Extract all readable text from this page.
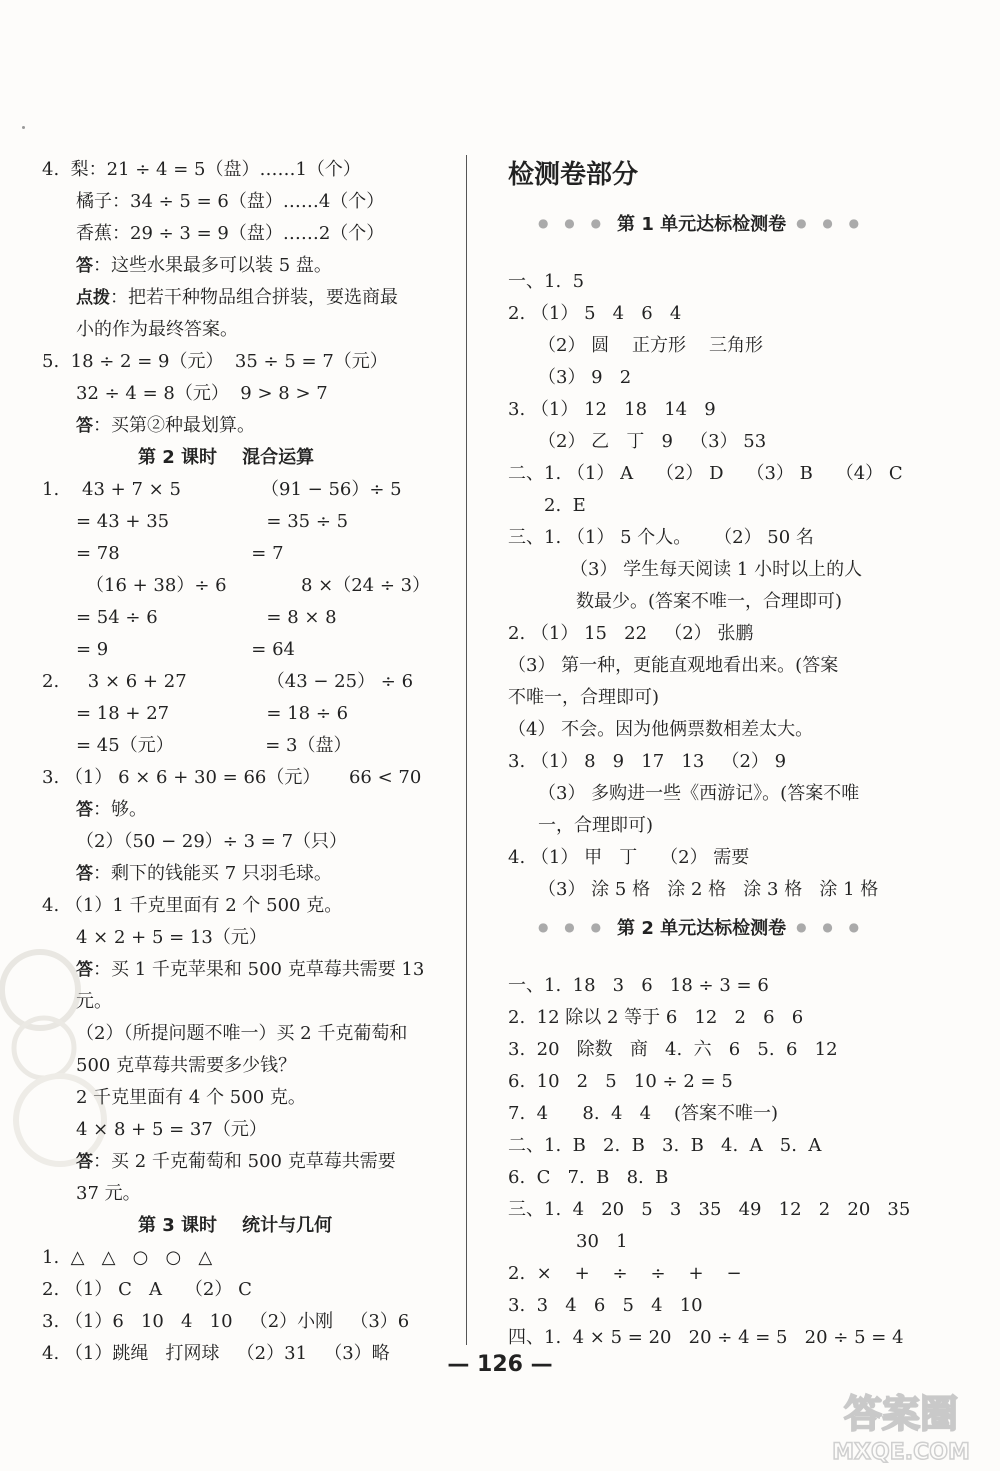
4.  梨：21 ÷ 4 = 5（盘）……1（个）
橘子：34 ÷ 5 = 6（盘）……4（个）
香蕉：29 ÷ 3 = 9（盘）……2（个）
答：这些水果最多可以装 5 盘。
点拨：把若干种物品组合拼装，要选商最
小的作为最终答案。
5.  18 ÷ 2 = 9（元）  35 ÷ 5 = 7（元）
32 ÷ 4 = 8（元）  9 > 8 > 7
答：买第②种最划算。
1.    43 + 7 × 5              （91 − 56）÷ 5
= 43 + 35                 = 35 ÷ 5
= 78                       = 7
（16 + 38）÷ 6             8 ×（24 ÷ 3）
= 54 ÷ 6                   = 8 × 8
= 9                         = 64
2.     3 × 6 + 27              （43 − 25） ÷ 6
= 18 + 27                 = 18 ÷ 6
= 45（元）                = 3（盘）
3. （1） 6 × 6 + 30 = 66（元）     66 < 70
答：够。
（2）（50 − 29）÷ 3 = 7（只）
答：剩下的钱能买 7 只羽毛球。
4. （1）1 千克里面有 2 个 500 克。
4 × 2 + 5 = 13（元）
答：买 1 千克苹果和 500 克草莓共需要 13
元。
（2）（所提问题不唯一）买 2 千克葡萄和
500 克草莓共需要多少钱？
2 千克里面有 4 个 500 克。
4 × 8 + 5 = 37（元）
答：买 2 千克葡萄和 500 克草莓共需要
37 元。
1.  △   △   ○   ○   △
2. （1） C   A    （2） C
3. （1）6   10   4   10   （2）小刚   （3）6
4. （1）跳绳   打网球   （2）31   （3）略
第 2 课时    混合运算
第 3 课时    统计与几何
检测卷部分
● ● ● 第 1 单元达标检测卷 ● ● ●
● ● ● 第 2 单元达标检测卷 ● ● ●
一、1.  5
2. （1） 5   4   6   4
（2） 圆    正方形    三角形
（3） 9   2
3. （1） 12   18   14   9
（2） 乙   丁   9   （3） 53
二、1. （1） A    （2） D    （3） B    （4） C
2.  E
三、1. （1） 5 个人。    （2） 50 名
（3） 学生每天阅读 1 小时以上的人
数最少。(答案不唯一，合理即可)
2. （1） 15   22   （2） 张鹏
（3） 第一种，更能直观地看出来。(答案
不唯一，合理即可)
（4） 不会。因为他俩票数相差太大。
3. （1） 8   9   17   13   （2） 9
（3） 多购进一些《西游记》。(答案不唯
一，合理即可)
4. （1） 甲   丁    （2） 需要
（3） 涂 5 格   涂 2 格   涂 3 格   涂 1 格
一、1.  18   3   6   18 ÷ 3 = 6
2.  12 除以 2 等于 6   12   2   6   6
3.  20   除数   商   4.  六   6   5.  6   12
6.  10   2   5   10 ÷ 2 = 5
7.  4      8.  4   4    (答案不唯一)
二、1.  B   2.  B   3.  B   4.  A   5.  A
6.  C   7.  B   8.  B
三、1.  4   20   5   3   35   49   12   2   20   35
30   1
2.  ×    +    ÷    ÷    +    −
3.  3   4   6   5   4   10
四、1.  4 × 5 = 20   20 ÷ 4 = 5   20 ÷ 5 = 4
— 126 —
答案圈
MXQE.COM
